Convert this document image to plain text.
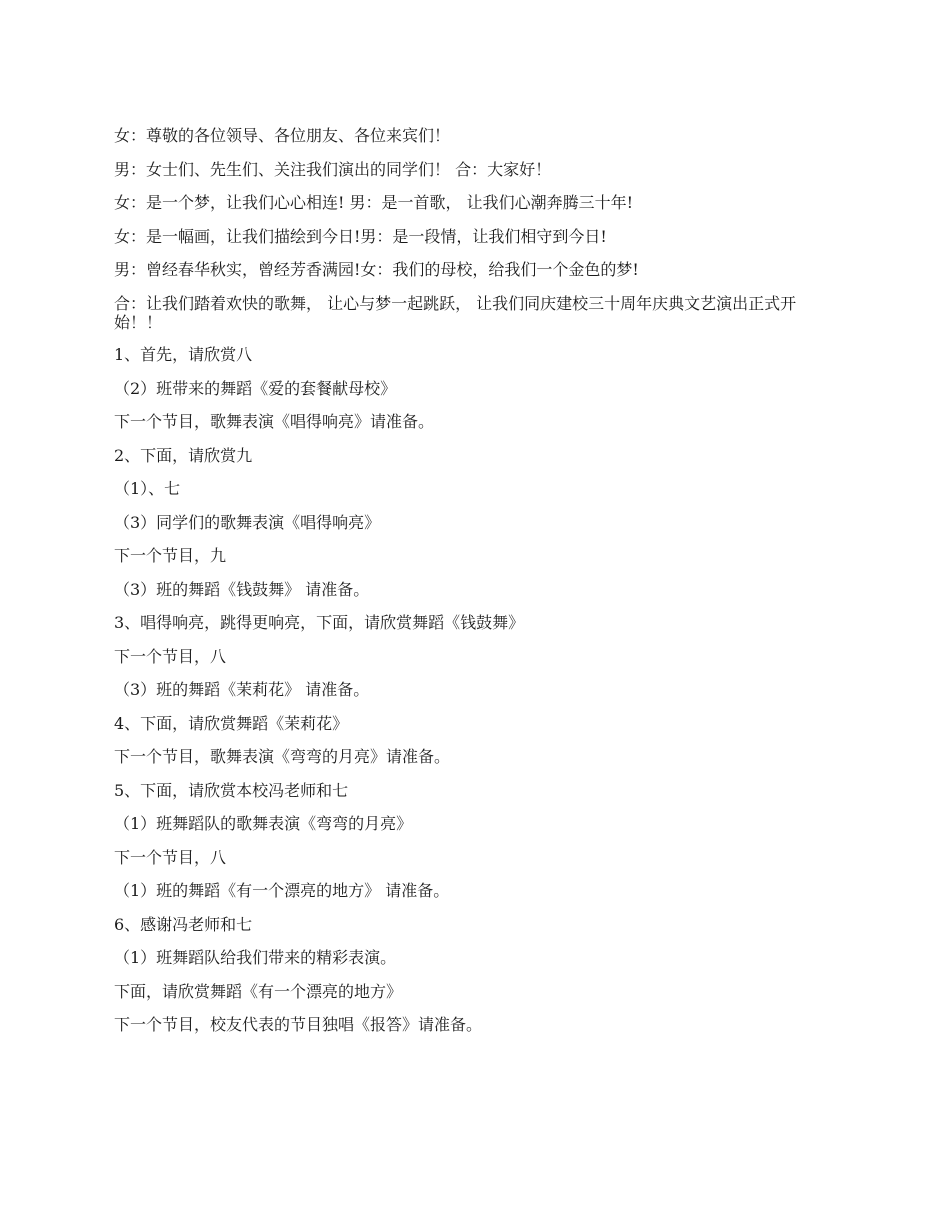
女：尊敬的各位领导、各位朋友、各位来宾们！

男：女士们、先生们、关注我们演出的同学们！ 合：大家好！

女：是一个梦，让我们心心相连! 男：是一首歌， 让我们心潮奔腾三十年!

女：是一幅画，让我们描绘到今日!男：是一段情，让我们相守到今日!

男：曾经春华秋实，曾经芳香满园!女：我们的母校，给我们一个金色的梦!

合：让我们踏着欢快的歌舞， 让心与梦一起跳跃， 让我们同庆建校三十周年庆典文艺演出正式开始！！

1、首先，请欣赏八

（2）班带来的舞蹈《爱的套餐献母校》

下一个节目，歌舞表演《唱得响亮》请准备。

2、下面，请欣赏九

（1）、七

（3）同学们的歌舞表演《唱得响亮》

下一个节目，九

（3）班的舞蹈《钱鼓舞》 请准备。

3、唱得响亮，跳得更响亮，下面，请欣赏舞蹈《钱鼓舞》

下一个节目，八

（3）班的舞蹈《茉莉花》 请准备。

4、下面，请欣赏舞蹈《茉莉花》

下一个节目，歌舞表演《弯弯的月亮》请准备。

5、下面，请欣赏本校冯老师和七

（1）班舞蹈队的歌舞表演《弯弯的月亮》

下一个节目，八

（1）班的舞蹈《有一个漂亮的地方》 请准备。

6、感谢冯老师和七

（1）班舞蹈队给我们带来的精彩表演。

下面，请欣赏舞蹈《有一个漂亮的地方》

下一个节目，校友代表的节目独唱《报答》请准备。
